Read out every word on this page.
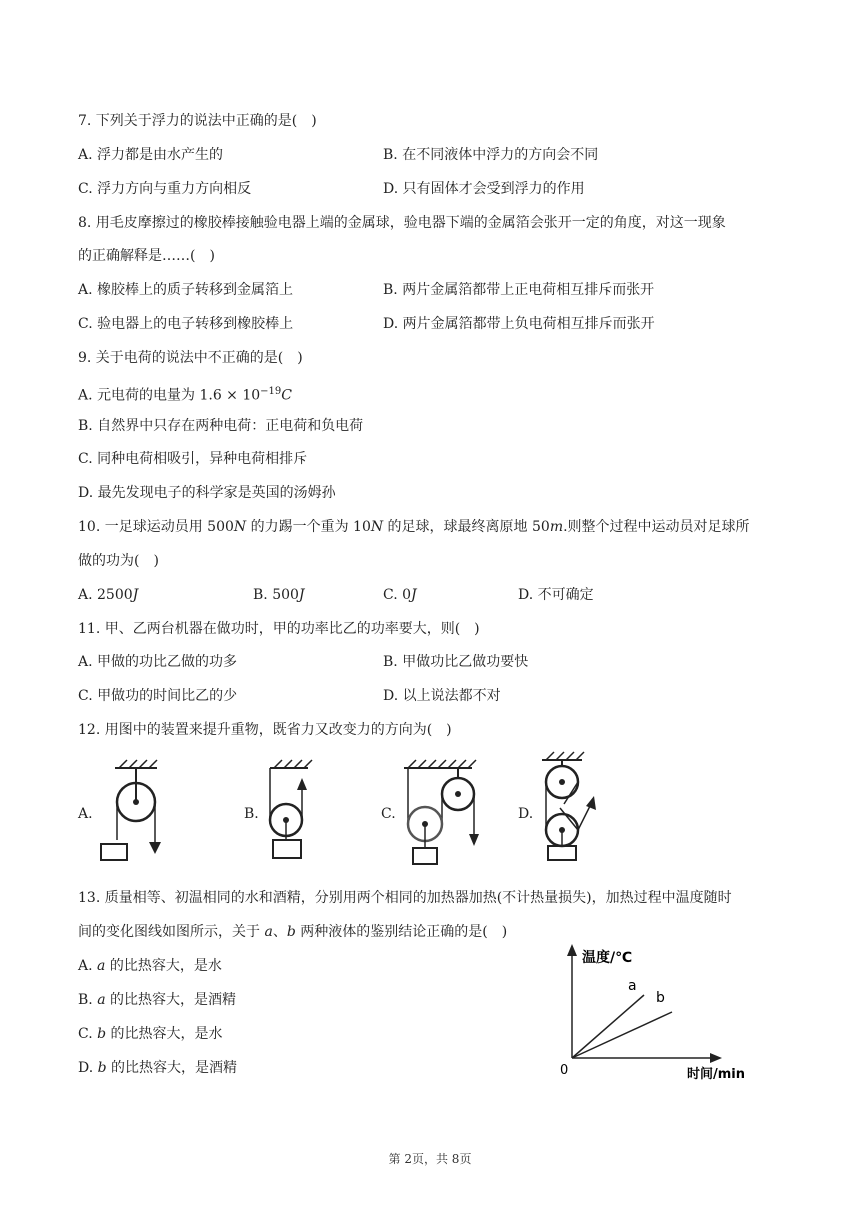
7. 下列关于浮力的说法中正确的是(　)
A. 浮力都是由水产生的	B. 在不同液体中浮力的方向会不同
C. 浮力方向与重力方向相反	D. 只有固体才会受到浮力的作用
8. 用毛皮摩擦过的橡胶棒接触验电器上端的金属球，验电器下端的金属箔会张开一定的角度，对这一现象
的正确解释是……(　)
A. 橡胶棒上的质子转移到金属箔上	B. 两片金属箔都带上正电荷相互排斥而张开
C. 验电器上的电子转移到橡胶棒上	D. 两片金属箔都带上负电荷相互排斥而张开
9. 关于电荷的说法中不正确的是(　)
A. 元电荷的电量为 $1.6 \times 10^{-19}C$
B. 自然界中只存在两种电荷：正电荷和负电荷
C. 同种电荷相吸引，异种电荷相排斥
D. 最先发现电子的科学家是英国的汤姆孙
10. 一足球运动员用 500N 的力踢一个重为 10N 的足球，球最终离原地 50m.则整个过程中运动员对足球所
做的功为(　)
A. 2500J	B. 500J	C. 0J	D. 不可确定
11. 甲、乙两台机器在做功时，甲的功率比乙的功率要大，则(　)
A. 甲做的功比乙做的功多	B. 甲做功比乙做功要快
C. 甲做功的时间比乙的少	D. 以上说法都不对
12. 用图中的装置来提升重物，既省力又改变力的方向为(　)
A.	B.	C.	D.
13. 质量相等、初温相同的水和酒精，分别用两个相同的加热器加热(不计热量损失)，加热过程中温度随时
间的变化图线如图所示，关于 a、b 两种液体的鉴别结论正确的是(　)
A. a 的比热容大，是水
B. a 的比热容大，是酒精
C. b 的比热容大，是水
D. b 的比热容大，是酒精
温度/℃
时间/min
0
a
b
第 2页，共 8页
